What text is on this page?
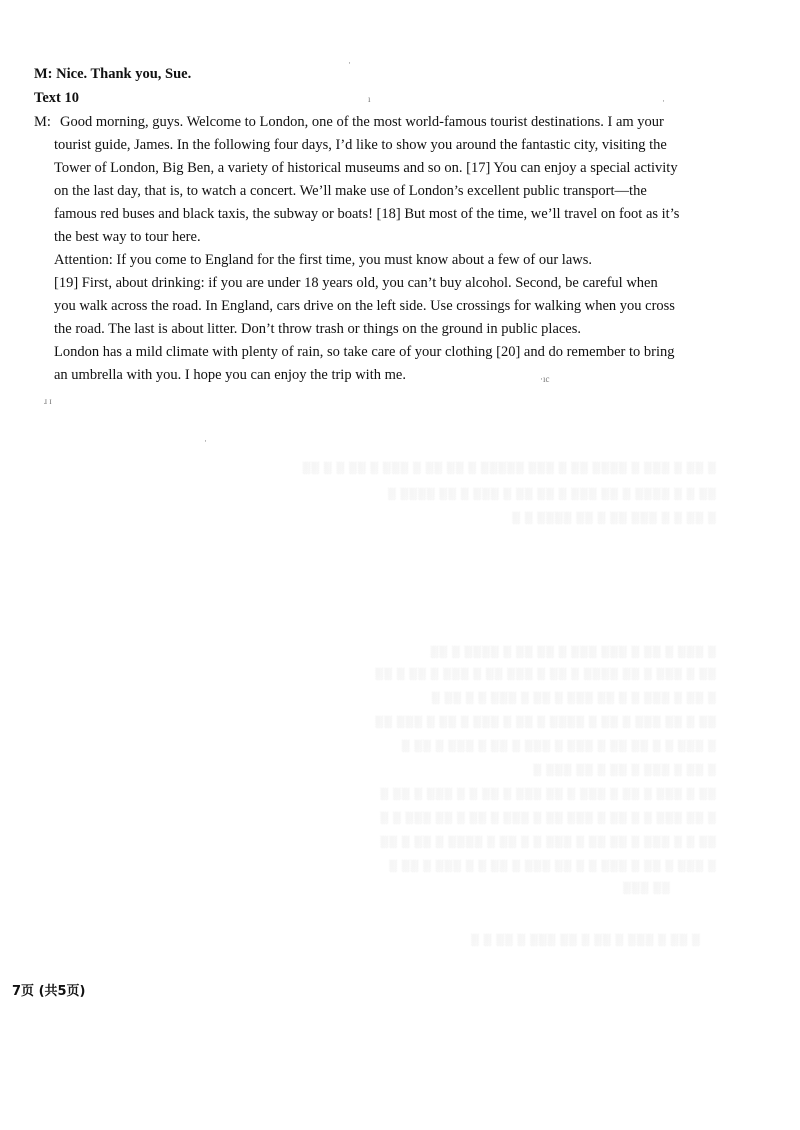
M: Nice. Thank you, Sue.
Text 10
M: Good morning, guys. Welcome to London, one of the most world-famous tourist destinations. I am your
tourist guide, James. In the following four days, I’d like to show you around the fantastic city, visiting the
Tower of London, Big Ben, a variety of historical museums and so on. [17] You can enjoy a special activity
on the last day, that is, to watch a concert. We’ll make use of London’s excellent public transport—the
famous red buses and black taxis, the subway or boats! [18] But most of the time, we’ll travel on foot as it’s
the best way to tour here.
Attention: If you come to England for the first time, you must know about a few of our laws.
[19] First, about drinking: if you are under 18 years old, you can’t buy alcohol. Second, be careful when
you walk across the road. In England, cars drive on the left side. Use crossings for walking when you cross
the road. The last is about litter. Don’t throw trash or things on the ground in public places.
London has a mild climate with plenty of rain, so take care of your clothing [20] and do remember to bring
an umbrella with you. I hope you can enjoy the trip with me.
░ ░░ ░ ░░░ ░ ░░░░ ░░ ░ ░░░ ░░░░░ ░ ░░ ░░ ░ ░░░ ░ ░░ ░ ░ ░░
░░ ░ ░ ░░░░ ░ ░░ ░░░ ░ ░░ ░░ ░ ░░░ ░ ░░ ░░░░ ░
░ ░░ ░ ░ ░░░ ░░ ░ ░░ ░░░░ ░ ░
░ ░░░ ░ ░░ ░ ░░░ ░░░ ░ ░░ ░░ ░ ░░░░ ░ ░░
░░ ░ ░░░ ░ ░░ ░░░░ ░ ░░ ░ ░░░ ░░ ░ ░░░ ░ ░░ ░ ░░
░ ░░ ░ ░░░ ░ ░ ░░ ░░░ ░ ░░ ░ ░░░ ░ ░ ░░ ░
░░ ░ ░░ ░░░ ░ ░░ ░ ░░░░ ░ ░░ ░ ░░░ ░ ░░ ░ ░░░ ░░
░ ░░░ ░ ░ ░░ ░░ ░ ░░░ ░ ░░░ ░ ░░ ░ ░░░ ░ ░░ ░
░ ░░ ░ ░░░ ░ ░░ ░ ░░ ░░░ ░
░░ ░ ░░░ ░ ░░ ░ ░░░ ░ ░░ ░░░ ░ ░░ ░ ░ ░░░ ░ ░░ ░
░ ░░ ░░░ ░ ░ ░░ ░ ░░░ ░░ ░ ░░░ ░ ░░ ░ ░░ ░░░ ░ ░
░░ ░ ░ ░░░ ░ ░░ ░░ ░ ░░░ ░ ░ ░░ ░ ░░░░ ░ ░░ ░ ░░
░ ░░░ ░ ░░ ░ ░░░ ░ ░ ░░ ░░░ ░ ░░ ░ ░ ░░░ ░ ░░ ░
░░ ░░░
░ ░░ ░ ░░░ ░ ░░ ░ ░░ ░░░ ░ ░░ ░ ░
·
ı	·
·ıc
ɹ ɪ
·
7页 (共5页)
